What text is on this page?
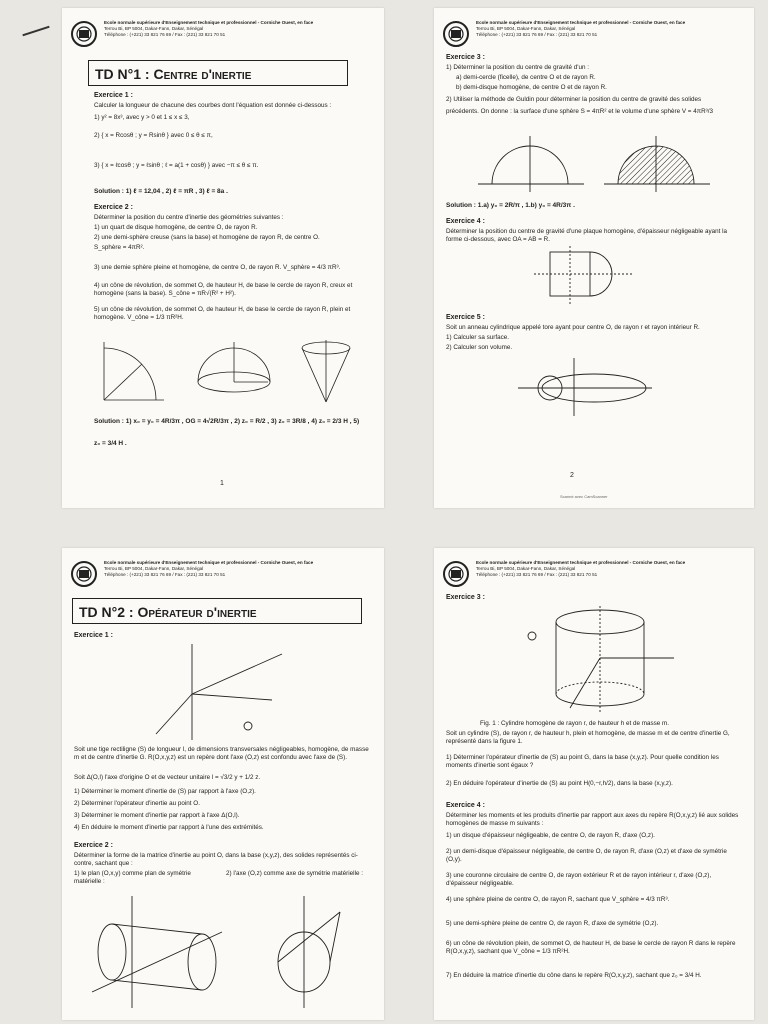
Ecole normale supérieure d'Enseignement technique et professionnel - Corniche Ouest, en face
Terrou Bi, BP 5004, Dakar-Fann, Dakar, Sénégal
Téléphone : (+221) 33 821 76 69 / Fax : (221) 33 821 70 51
TD N°1 : Centre d'inertie
Exercice 1 :
Calculer la longueur de chacune des courbes dont l'équation est donnée ci-dessous :
1) y² = 8x³, avec y > 0 et 1 ≤ x ≤ 3,
2) { x = Rcosθ ; y = Rsinθ } avec 0 ≤ θ ≤ π,
3) { x = ℓcosθ ; y = ℓsinθ ; ℓ = a(1 + cosθ) } avec −π ≤ θ ≤ π.
Solution : 1) ℓ = 12,04 , 2) ℓ = πR , 3) ℓ = 8a .
Exercice 2 :
Déterminer la position du centre d'inertie des géométries suivantes :
1) un quart de disque homogène, de centre O, de rayon R.
2) une demi-sphère creuse (sans la base) et homogène de rayon R, de centre O.
S_sphère = 4πR².
3) une demie sphère pleine et homogène, de centre O, de rayon R. V_sphère = 4/3 πR³.
4) un cône de révolution, de sommet O, de hauteur H, de base le cercle de rayon R, creux et homogène (sans la base). S_cône = πR√(R² + H²).
5) un cône de révolution, de sommet O, de hauteur H, de base le cercle de rayon R, plein et homogène. V_cône = 1/3 πR²H.
Solution : 1) x₀ = y₀ = 4R/3π , OG = 4√2R/3π , 2) z₀ = R/2 , 3) z₀ = 3R/8 , 4) z₀ = 2/3 H , 5)
z₀ = 3/4 H .
1
Ecole normale supérieure d'Enseignement technique et professionnel - Corniche Ouest, en face
Terrou Bi, BP 5004, Dakar-Fann, Dakar, Sénégal
Téléphone : (+221) 33 821 76 69 / Fax : (221) 33 821 70 51
Exercice 3 :
1) Déterminer la position du centre de gravité d'un :
a) demi-cercle (ficelle), de centre O et de rayon R.
b) demi-disque homogène, de centre O et de rayon R.
2) Utiliser la méthode de Guldin pour déterminer la position du centre de gravité des solides
précédents. On donne : la surface d'une sphère S = 4πR² et le volume d'une sphère V = 4πR³/3
Solution : 1.a) y₀ = 2R/π , 1.b) y₀ = 4R/3π .
Exercice 4 :
Déterminer la position du centre de gravité d'une plaque homogène, d'épaisseur négligeable ayant la forme ci-dessous, avec OA = AB = R.
Exercice 5 :
Soit un anneau cylindrique appelé tore ayant pour centre O, de rayon r et rayon intérieur R.
1) Calculer sa surface.
2) Calculer son volume.
2
Scanné avec CamScanner
Ecole normale supérieure d'Enseignement technique et professionnel - Corniche Ouest, en face
Terrou Bi, BP 5004, Dakar-Fann, Dakar, Sénégal
Téléphone : (+221) 33 821 76 69 / Fax : (221) 33 821 70 51
TD N°2 : Opérateur d'inertie
Exercice 1 :
Soit une tige rectiligne (S) de longueur l, de dimensions transversales négligeables, homogène, de masse m et de centre d'inertie G. R(O,x,y,z) est un repère dont l'axe (O,z) est confondu avec l'axe de (S).
Soit Δ(O,l) l'axe d'origine O et de vecteur unitaire l = √3/2 y + 1/2 z.
1) Déterminer le moment d'inertie de (S) par rapport à l'axe (O,z).
2) Déterminer l'opérateur d'inertie au point O.
3) Déterminer le moment d'inertie par rapport à l'axe Δ(O,l).
4) En déduire le moment d'inertie par rapport à l'une des extrémités.
Exercice 2 :
Déterminer la forme de la matrice d'inertie au point O, dans la base (x,y,z), des solides représentés ci-contre, sachant que :
1) le plan (O,x,y) comme plan de symétrie matérielle :
2) l'axe (O,z) comme axe de symétrie matérielle :
Ecole normale supérieure d'Enseignement technique et professionnel - Corniche Ouest, en face
Terrou Bi, BP 5004, Dakar-Fann, Dakar, Sénégal
Téléphone : (+221) 33 821 76 69 / Fax : (221) 33 821 70 51
Exercice 3 :
Fig. 1 : Cylindre homogène de rayon r, de hauteur h et de masse m.
Soit un cylindre (S), de rayon r, de hauteur h, plein et homogène, de masse m et de centre d'inertie G, représenté dans la figure 1.
1) Déterminer l'opérateur d'inertie de (S) au point G, dans la base (x,y,z). Pour quelle condition les moments d'inertie sont égaux ?
2) En déduire l'opérateur d'inertie de (S) au point H(0,−r,h/2), dans la base (x,y,z).
Exercice 4 :
Déterminer les moments et les produits d'inertie par rapport aux axes du repère R(O,x,y,z) lié aux solides homogènes de masse m suivants :
1) un disque d'épaisseur négligeable, de centre O, de rayon R, d'axe (O,z).
2) un demi-disque d'épaisseur négligeable, de centre O, de rayon R, d'axe (O,z) et d'axe de symétrie (O,y).
3) une couronne circulaire de centre O, de rayon extérieur R et de rayon intérieur r, d'axe (O,z), d'épaisseur négligeable.
4) une sphère pleine de centre O, de rayon R, sachant que V_sphère = 4/3 πR³.
5) une demi-sphère pleine de centre O, de rayon R, d'axe de symétrie (O,z).
6) un cône de révolution plein, de sommet O, de hauteur H, de base le cercle de rayon R dans le repère R(O,x,y,z), sachant que V_cône = 1/3 πR²H.
7) En déduire la matrice d'inertie du cône dans le repère R(O,x,y,z), sachant que z₀ = 3/4 H.
